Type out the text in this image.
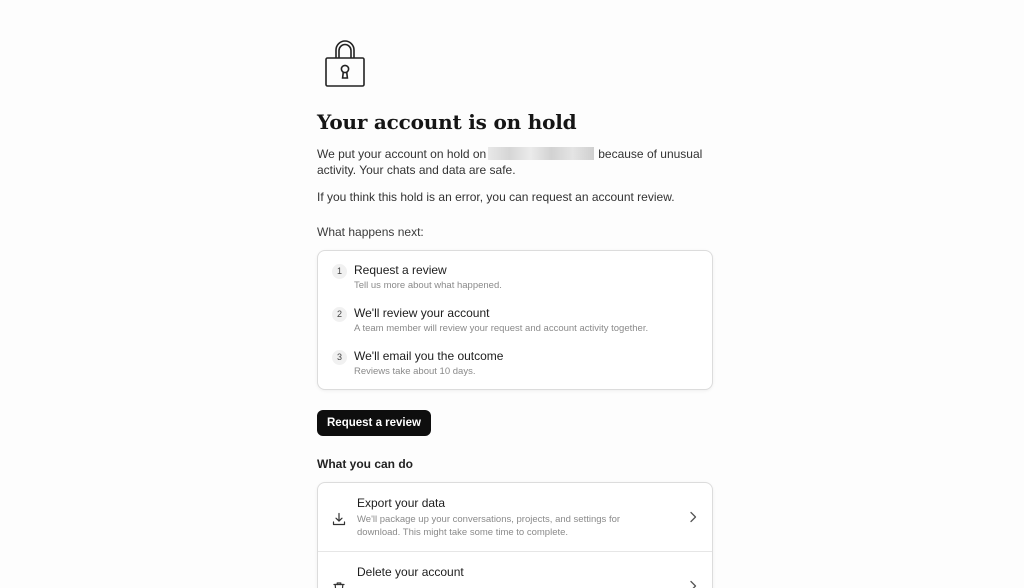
Your account is on hold

We put your account on hold on	because of unusual activity. Your chats and data are safe.

If you think this hold is an error, you can request an account review.

What happens next:
1	Request a review
Tell us more about what happened.
2	We'll review your account
A team member will review your request and account activity together.
3	We'll email you the outcome
Reviews take about 10 days.
Request a review
What you can do
Export your data
We'll package up your conversations, projects, and settings for download. This might take some time to complete.
Delete your account
